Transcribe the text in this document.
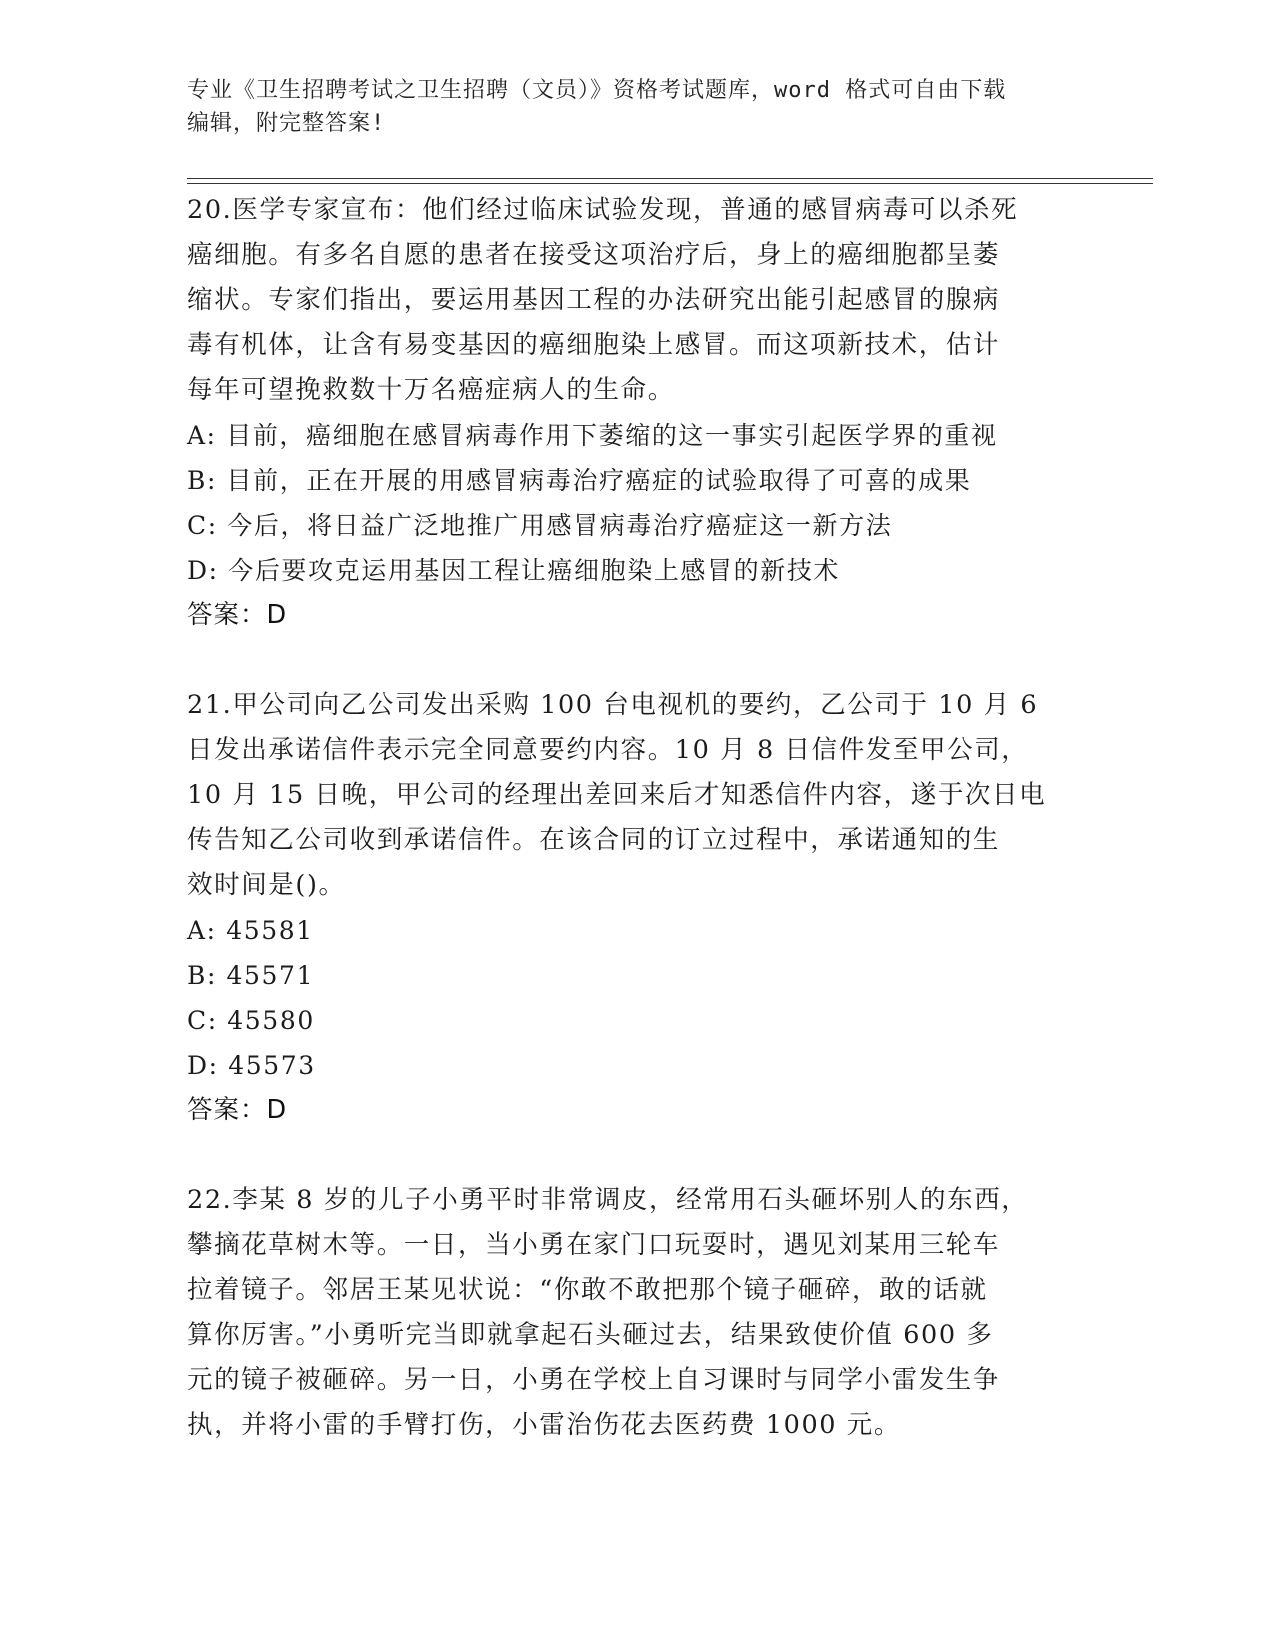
专业《卫生招聘考试之卫生招聘（文员）》资格考试题库，word 格式可自由下载
编辑，附完整答案!
20.医学专家宣布：他们经过临床试验发现，普通的感冒病毒可以杀死
癌细胞。有多名自愿的患者在接受这项治疗后，身上的癌细胞都呈萎
缩状。专家们指出，要运用基因工程的办法研究出能引起感冒的腺病
毒有机体，让含有易变基因的癌细胞染上感冒。而这项新技术，估计
每年可望挽救数十万名癌症病人的生命。
A: 目前，癌细胞在感冒病毒作用下萎缩的这一事实引起医学界的重视
B: 目前，正在开展的用感冒病毒治疗癌症的试验取得了可喜的成果
C: 今后，将日益广泛地推广用感冒病毒治疗癌症这一新方法
D: 今后要攻克运用基因工程让癌细胞染上感冒的新技术
答案：D
21.甲公司向乙公司发出采购 100 台电视机的要约，乙公司于 10 月 6
日发出承诺信件表示完全同意要约内容。10 月 8 日信件发至甲公司，
10 月 15 日晚，甲公司的经理出差回来后才知悉信件内容，遂于次日电
传告知乙公司收到承诺信件。在该合同的订立过程中，承诺通知的生
效时间是()。
A: 45581
B: 45571
C: 45580
D: 45573
答案：D
22.李某 8 岁的儿子小勇平时非常调皮，经常用石头砸坏别人的东西，
攀摘花草树木等。一日，当小勇在家门口玩耍时，遇见刘某用三轮车
拉着镜子。邻居王某见状说：“你敢不敢把那个镜子砸碎，敢的话就
算你厉害。”小勇听完当即就拿起石头砸过去，结果致使价值 600 多
元的镜子被砸碎。另一日，小勇在学校上自习课时与同学小雷发生争
执，并将小雷的手臂打伤，小雷治伤花去医药费 1000 元。
